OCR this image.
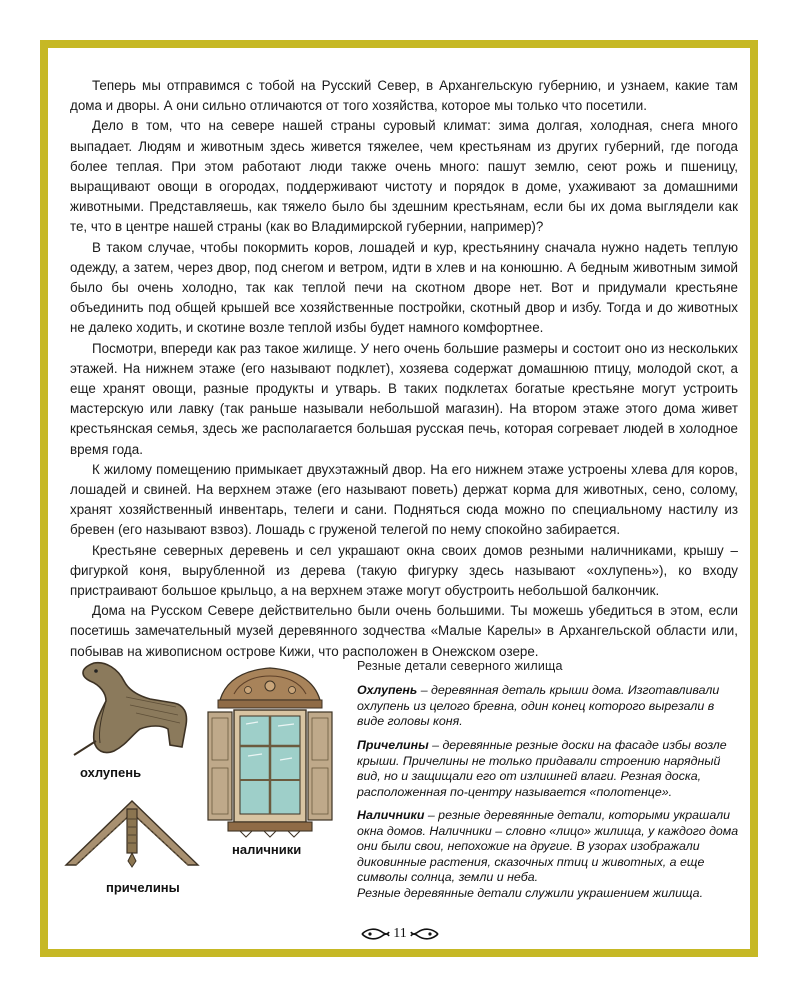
Теперь мы отправимся с тобой на Русский Север, в Архангельскую губернию, и узнаем, какие там дома и дворы. А они сильно отличаются от того хозяйства, которое мы только что посетили.

Дело в том, что на севере нашей страны суровый климат: зима долгая, холодная, снега много выпадает. Людям и животным здесь живется тяжелее, чем крестьянам из других губерний, где погода более теплая. При этом работают люди также очень много: пашут землю, сеют рожь и пшеницу, выращивают овощи в огородах, поддерживают чистоту и порядок в доме, ухаживают за домашними животными. Представляешь, как тяжело было бы здешним крестьянам, если бы их дома выглядели как те, что в центре нашей страны (как во Владимирской губернии, например)?

В таком случае, чтобы покормить коров, лошадей и кур, крестьянину сначала нужно надеть теплую одежду, а затем, через двор, под снегом и ветром, идти в хлев и на конюшню. А бедным животным зимой было бы очень холодно, так как теплой печи на скотном дворе нет. Вот и придумали крестьяне объединить под общей крышей все хозяйственные постройки, скотный двор и избу. Тогда и до животных не далеко ходить, и скотине возле теплой избы будет намного комфортнее.

Посмотри, впереди как раз такое жилище. У него очень большие размеры и состоит оно из нескольких этажей. На нижнем этаже (его называют подклет), хозяева содержат домашнюю птицу, молодой скот, а еще хранят овощи, разные продукты и утварь. В таких подклетах богатые крестьяне могут устроить мастерскую или лавку (так раньше называли небольшой магазин). На втором этаже этого дома живет крестьянская семья, здесь же располагается большая русская печь, которая согревает людей в холодное время года.

К жилому помещению примыкает двухэтажный двор. На его нижнем этаже устроены хлева для коров, лошадей и свиней. На верхнем этаже (его называют поветь) держат корма для животных, сено, солому, хранят хозяйственный инвентарь, телеги и сани. Подняться сюда можно по специальному настилу из бревен (его называют взвоз). Лошадь с груженой телегой по нему спокойно забирается.

Крестьяне северных деревень и сел украшают окна своих домов резными наличниками, крышу – фигуркой коня, вырубленной из дерева (такую фигурку здесь называют «охлупень»), ко входу пристраивают большое крыльцо, а на верхнем этаже могут обустроить небольшой балкончик.

Дома на Русском Севере действительно были очень большими. Ты можешь убедиться в этом, если посетишь замечательный музей деревянного зодчества «Малые Карелы» в Архангельской области или, побывав на живописном острове Кижи, что расположен в Онежском озере.

охлупень
причелины
наличники
Резные детали северного жилища
Охлупень – деревянная деталь крыши дома. Изготавливали охлупень из целого бревна, один конец которого вырезали в виде головы коня.
Причелины – деревянные резные доски на фасаде избы возле крыши. Причелины не только придавали строению нарядный вид, но и защищали его от излишней влаги. Резная доска, расположенная по-центру называется «полотенце».
Наличники – резные деревянные детали, которыми украшали окна домов. Наличники – словно «лицо» жилища, у каждого дома они были свои, непохожие на другие. В узорах изображали диковинные растения, сказочных птиц и животных, а еще символы солнца, земли и неба.
Резные деревянные детали служили украшением жилища.
11
